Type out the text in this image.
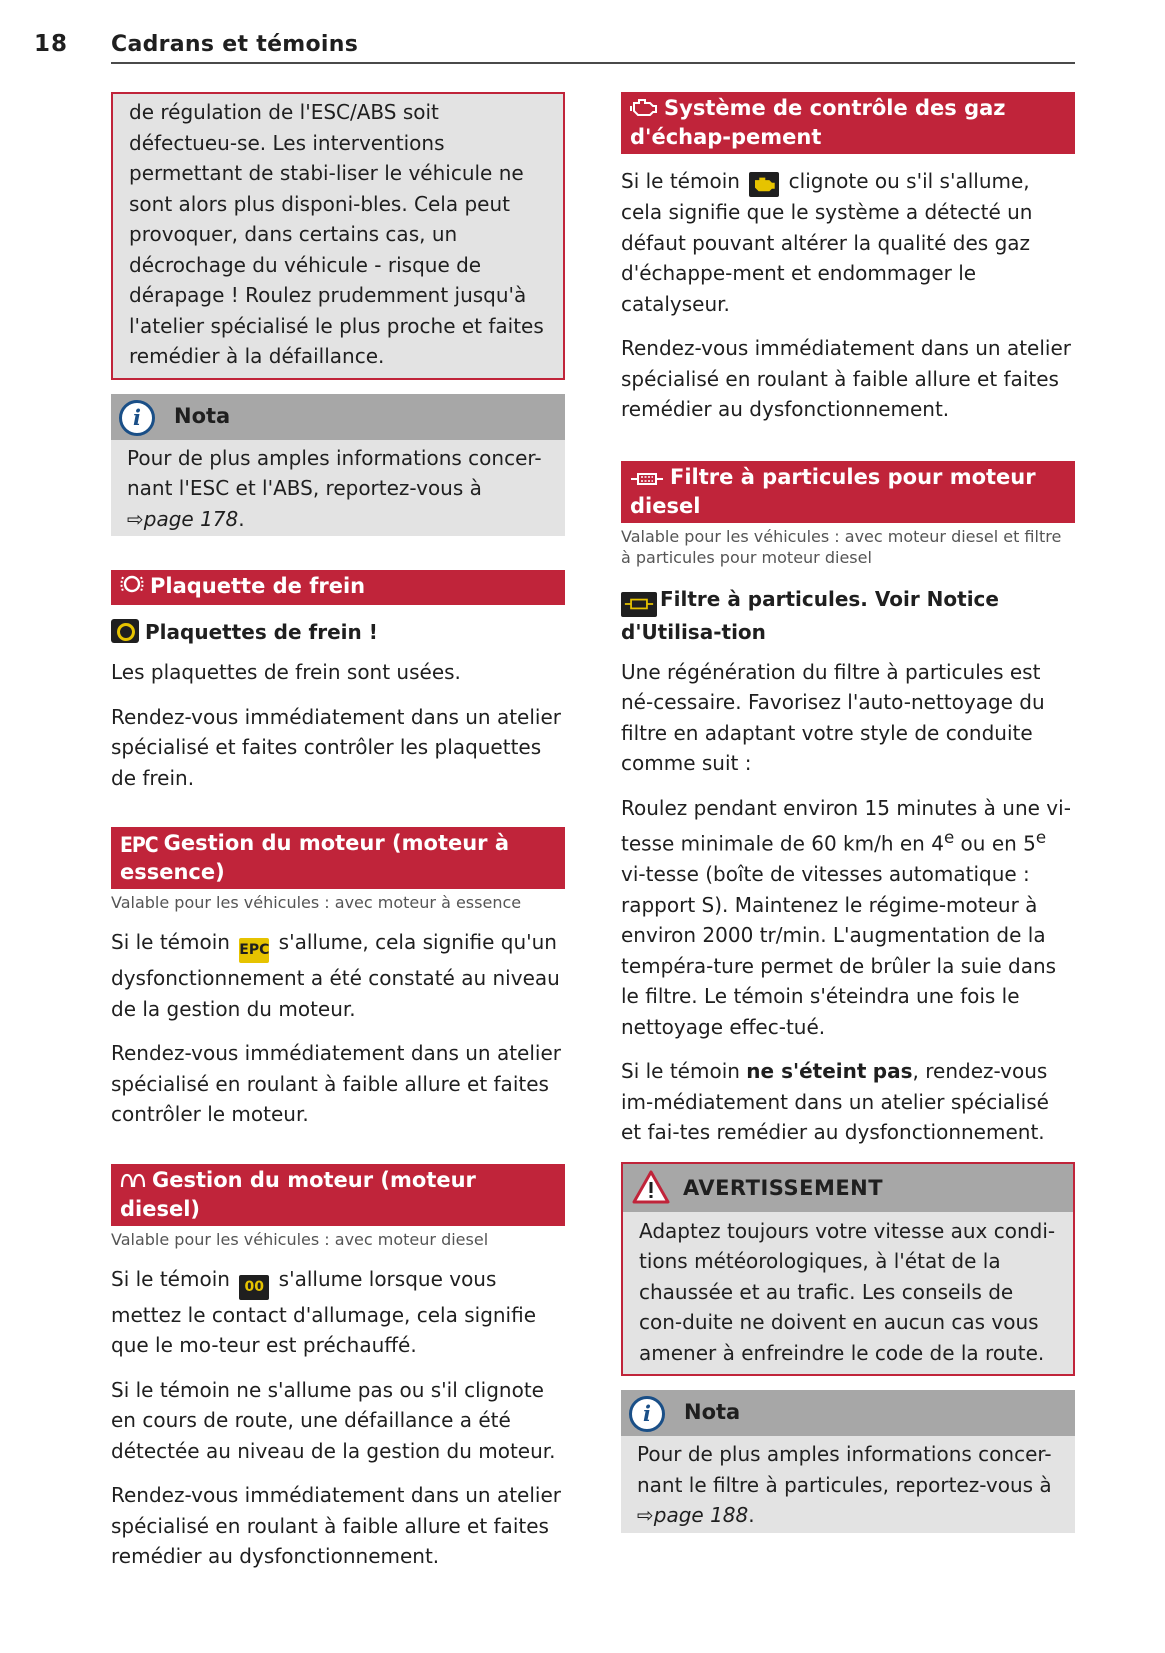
18 Cadrans et témoins

de régulation de l'ESC/ABS soit défectueu-se. Les interventions permettant de stabi-liser le véhicule ne sont alors plus disponi-bles. Cela peut provoquer, dans certains cas, un décrochage du véhicule - risque de dérapage ! Roulez prudemment jusqu'à l'atelier spécialisé le plus proche et faites remédier à la défaillance.

i	Nota

Pour de plus amples informations concer-nant l'ESC et l'ABS, reportez-vous à ⇨page 178.

Plaquette de frein
Plaquettes de frein !

Les plaquettes de frein sont usées.

Rendez-vous immédiatement dans un atelier spécialisé et faites contrôler les plaquettes de frein.

EPC Gestion du moteur (moteur à essence)

Valable pour les véhicules : avec moteur à essence

Si le témoin EPC s'allume, cela signifie qu'un dysfonctionnement a été constaté au niveau de la gestion du moteur.

Rendez-vous immédiatement dans un atelier spécialisé en roulant à faible allure et faites contrôler le moteur.

Gestion du moteur (moteur diesel)

Valable pour les véhicules : avec moteur diesel

Si le témoin 00 s'allume lorsque vous mettez le contact d'allumage, cela signifie que le mo-teur est préchauffé.

Si le témoin ne s'allume pas ou s'il clignote en cours de route, une défaillance a été détectée au niveau de la gestion du moteur.

Rendez-vous immédiatement dans un atelier spécialisé en roulant à faible allure et faites remédier au dysfonctionnement.

Système de contrôle des gaz d'échap-pement

Si le témoin clignote ou s'il s'allume, cela signifie que le système a détecté un défaut pouvant altérer la qualité des gaz d'échappe-ment et endommager le catalyseur.

Rendez-vous immédiatement dans un atelier spécialisé en roulant à faible allure et faites remédier au dysfonctionnement.

Filtre à particules pour moteur diesel

Valable pour les véhicules : avec moteur diesel et filtre à particules pour moteur diesel

Filtre à particules. Voir Notice d'Utilisa-tion

Une régénération du filtre à particules est né-cessaire. Favorisez l'auto-nettoyage du filtre en adaptant votre style de conduite comme suit :

Roulez pendant environ 15 minutes à une vi-tesse minimale de 60 km/h en 4e ou en 5e vi-tesse (boîte de vitesses automatique : rapport S). Maintenez le régime-moteur à environ 2000 tr/min. L'augmentation de la tempéra-ture permet de brûler la suie dans le filtre. Le témoin s'éteindra une fois le nettoyage effec-tué.

Si le témoin ne s'éteint pas, rendez-vous im-médiatement dans un atelier spécialisé et fai-tes remédier au dysfonctionnement.

AVERTISSEMENT

Adaptez toujours votre vitesse aux condi-tions météorologiques, à l'état de la chaussée et au trafic. Les conseils de con-duite ne doivent en aucun cas vous amener à enfreindre le code de la route.

i	Nota

Pour de plus amples informations concer-nant le filtre à particules, reportez-vous à ⇨page 188.
